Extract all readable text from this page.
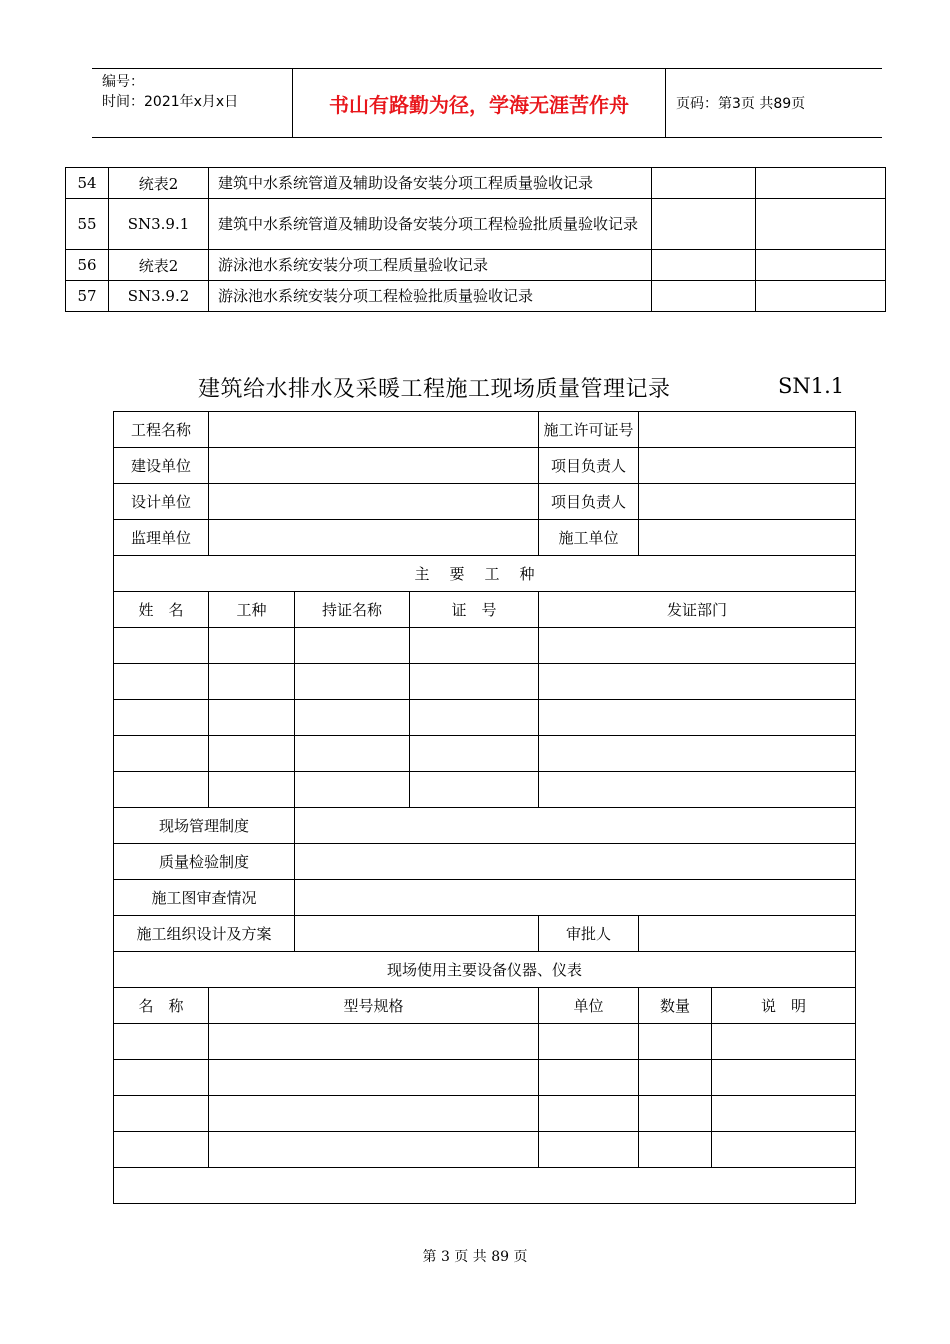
编号：
时间：2021年x月x日	书山有路勤为径，学海无涯苦作舟	页码：第3页 共89页
54	统表2	建筑中水系统管道及辅助设备安装分项工程质量验收记录		
55	SN3.9.1	建筑中水系统管道及辅助设备安装分项工程检验批质量验收记录		
56	统表2	游泳池水系统安装分项工程质量验收记录		
57	SN3.9.2	游泳池水系统安装分项工程检验批质量验收记录		
建筑给水排水及采暖工程施工现场质量管理记录	SN1.1
工程名称				施工许可证号		
建设单位				项目负责人		
设计单位				项目负责人		
监理单位				施工单位		
主要工种						
姓　名	工种	持证名称	证　号	发证部门		

现场管理制度						
质量检验制度						
施工图审查情况						
施工组织设计及方案				审批人		
现场使用主要设备仪器、仪表						
名　称	型号规格			单位	数量	说　明

第 3 页 共 89 页
